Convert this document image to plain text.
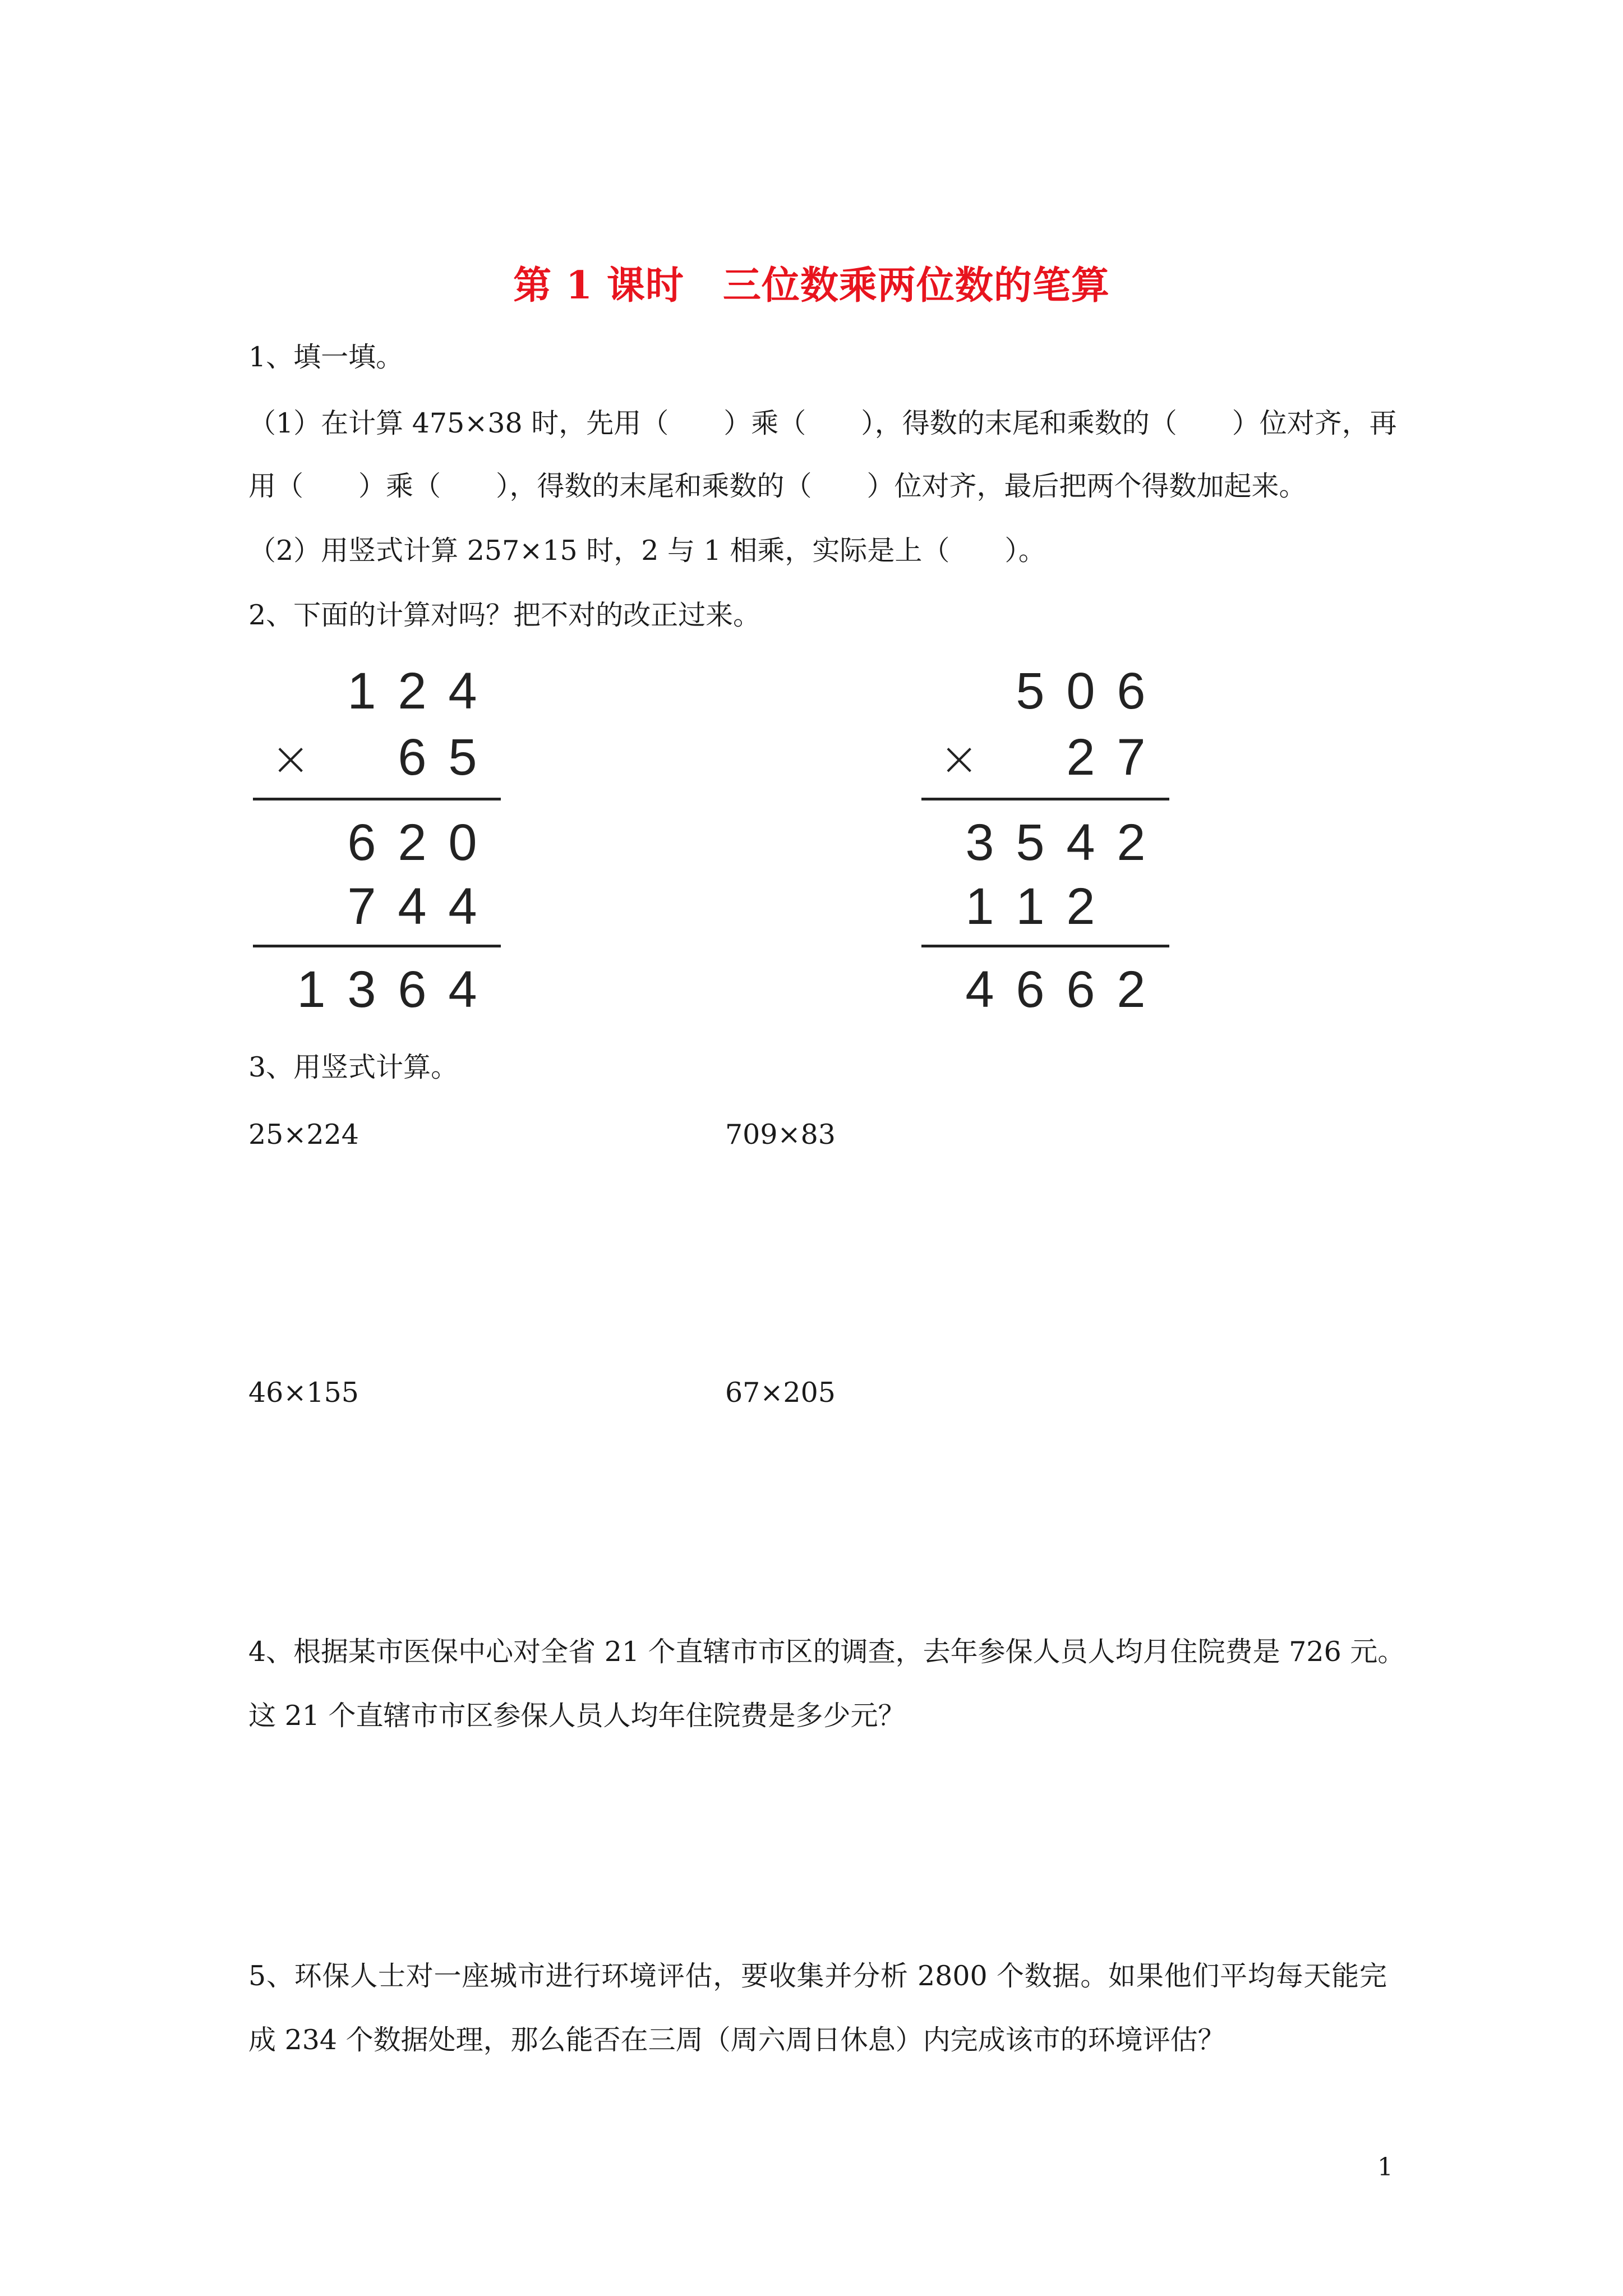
第 1 课时　三位数乘两位数的笔算
1、填一填。
（1）在计算 475×38 时，先用（　　）乘（　　），得数的末尾和乘数的（　　）位对齐，再
用（　　）乘（　　），得数的末尾和乘数的（　　）位对齐，最后把两个得数加起来。
（2）用竖式计算 257×15 时，2 与 1 相乘，实际是上（　　）。
2、下面的计算对吗？把不对的改正过来。
1 2 4
× 6 5
6 2 0
7 4 4
1 3 6 4
5 0 6
× 2 7
3 5 4 2
1 1 2
4 6 6 2
3、用竖式计算。
25×224	709×83
46×155	67×205
4、根据某市医保中心对全省 21 个直辖市市区的调查，去年参保人员人均月住院费是 726 元。
这 21 个直辖市市区参保人员人均年住院费是多少元？
5、环保人士对一座城市进行环境评估，要收集并分析 2800 个数据。如果他们平均每天能完
成 234 个数据处理，那么能否在三周（周六周日休息）内完成该市的环境评估？
1
